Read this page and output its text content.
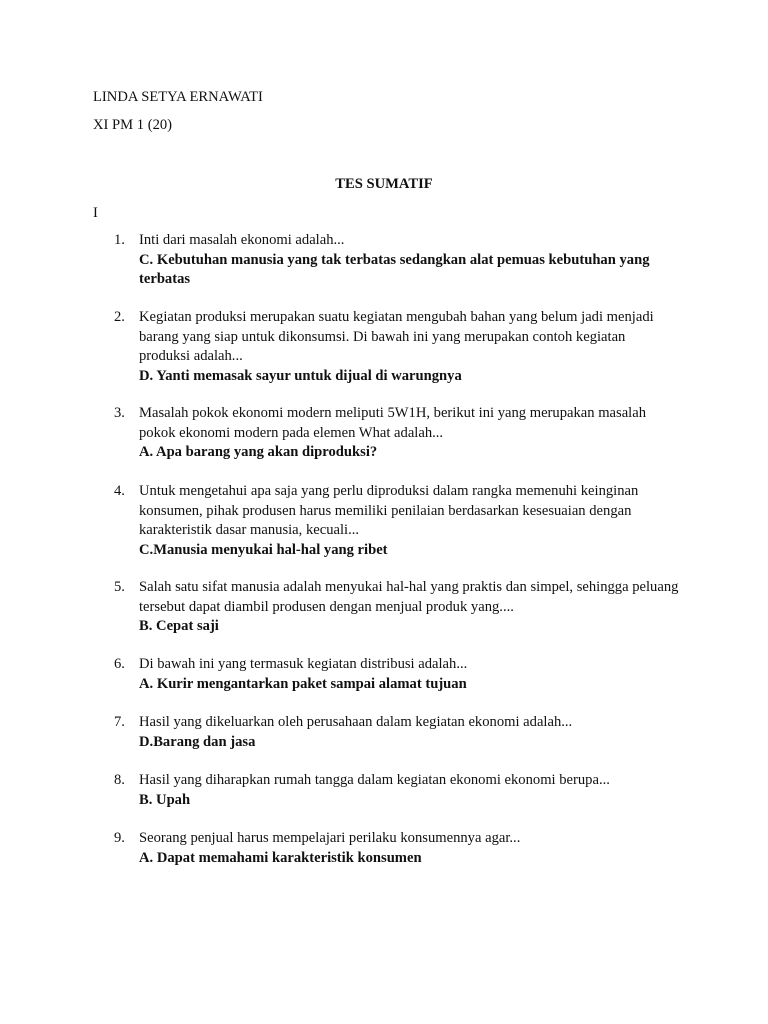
LINDA SETYA ERNAWATI
XI PM 1 (20)
TES SUMATIF
I
1. Inti dari masalah ekonomi adalah...
C. Kebutuhan manusia yang tak terbatas sedangkan alat pemuas kebutuhan yang terbatas
2. Kegiatan produksi merupakan suatu kegiatan mengubah bahan yang belum jadi menjadi barang yang siap untuk dikonsumsi. Di bawah ini yang merupakan contoh kegiatan produksi adalah...
D. Yanti memasak sayur untuk dijual di warungnya
3. Masalah pokok ekonomi modern meliputi 5W1H, berikut ini yang merupakan masalah pokok ekonomi modern pada elemen What adalah...
A. Apa barang yang akan diproduksi?
4. Untuk mengetahui apa saja yang perlu diproduksi dalam rangka memenuhi keinginan konsumen, pihak produsen harus memiliki penilaian berdasarkan kesesuaian dengan karakteristik dasar manusia, kecuali...
C.Manusia menyukai hal-hal yang ribet
5. Salah satu sifat manusia adalah menyukai hal-hal yang praktis dan simpel, sehingga peluang tersebut dapat diambil produsen dengan menjual produk yang....
B. Cepat saji
6. Di bawah ini yang termasuk kegiatan distribusi adalah...
A. Kurir mengantarkan paket sampai alamat tujuan
7. Hasil yang dikeluarkan oleh perusahaan dalam kegiatan ekonomi adalah...
D.Barang dan jasa
8. Hasil yang diharapkan rumah tangga dalam kegiatan ekonomi ekonomi berupa...
B. Upah
9. Seorang penjual harus mempelajari perilaku konsumennya agar...
A. Dapat memahami karakteristik konsumen
